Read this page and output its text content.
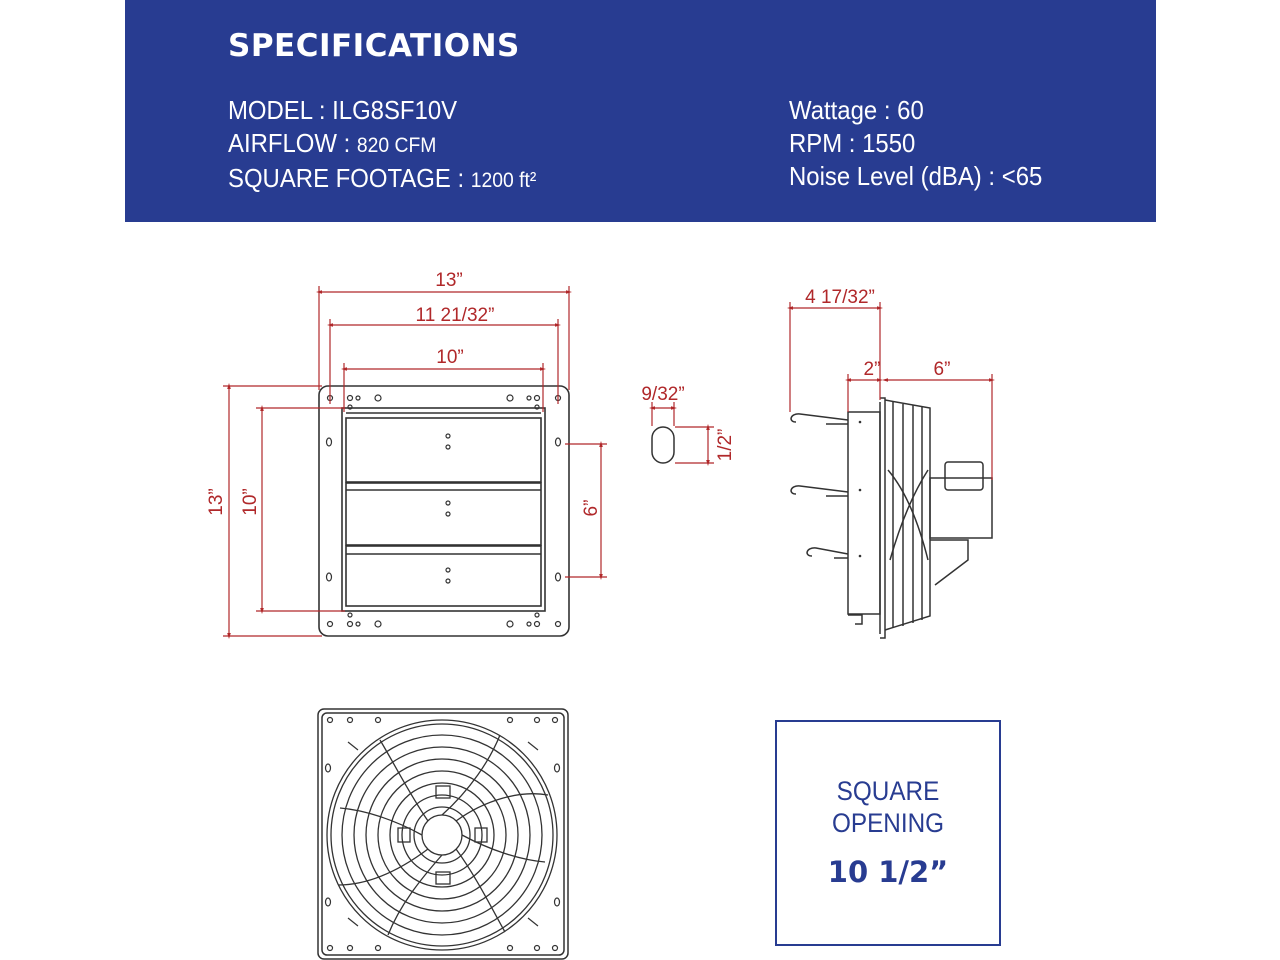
SPECIFICATIONS
MODEL : ILG8SF10V
AIRFLOW : 820 CFM
SQUARE FOOTAGE : 1200 ft²
Wattage : 60
RPM : 1550
Noise Level (dBA) : <65
13”
11 21/32”
10”
13” 10”	6”
9/32”
1/2”
4 17/32”
2”	6”
SQUARE
OPENING
10 1/2”
